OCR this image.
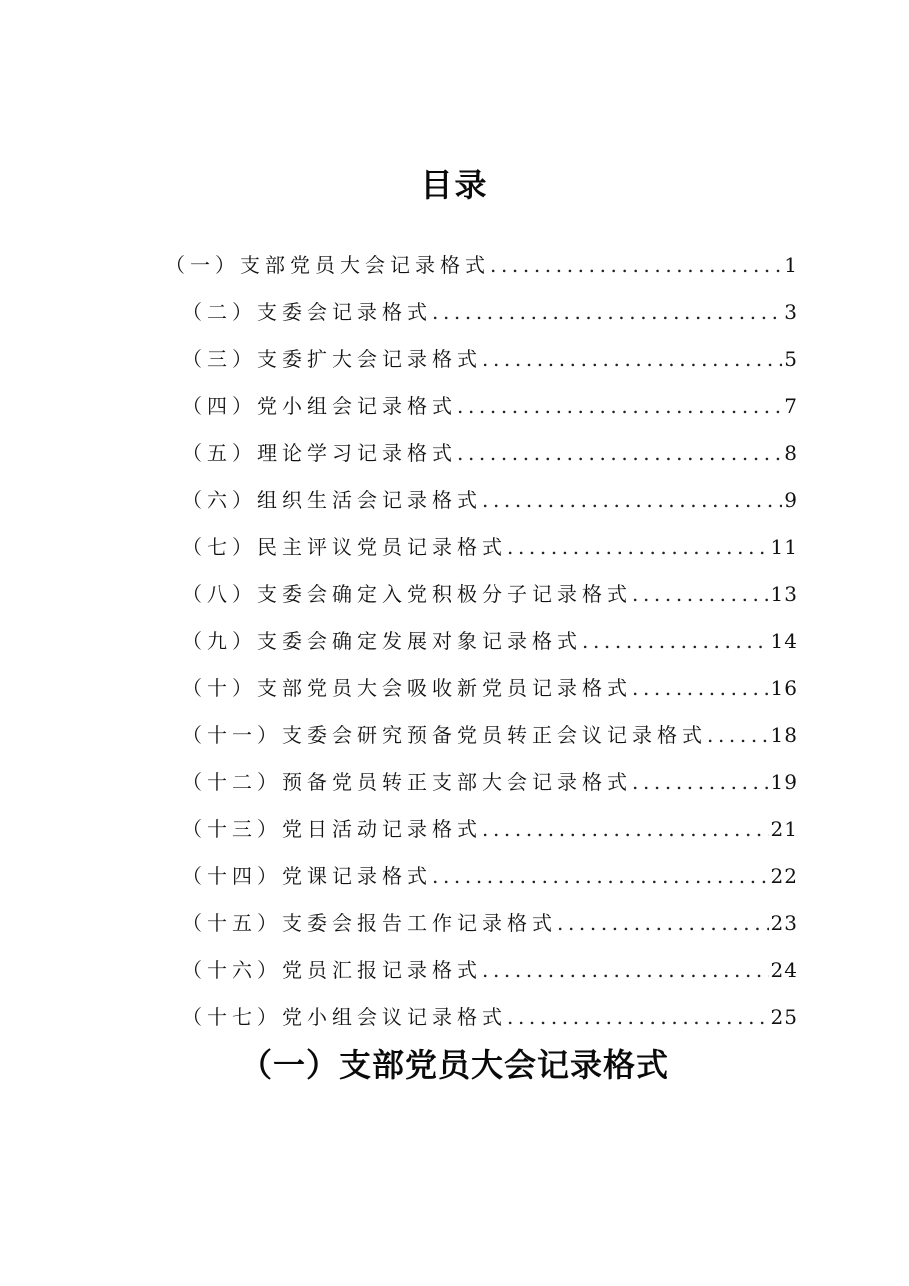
目录
（一）支部党员大会记录格式 .....	1
（二）支委会记录格式 .....	3
（三）支委扩大会记录格式 .....	5
（四）党小组会记录格式 .....	7
（五）理论学习记录格式 .....	8
（六）组织生活会记录格式 .....	9
（七）民主评议党员记录格式 .....	11
（八）支委会确定入党积极分子记录格式 .....	13
（九）支委会确定发展对象记录格式 .....	14
（十）支部党员大会吸收新党员记录格式 .....	16
（十一）支委会研究预备党员转正会议记录格式 .....	18
（十二）预备党员转正支部大会记录格式 .....	19
（十三）党日活动记录格式 .....	21
（十四）党课记录格式 .....	22
（十五）支委会报告工作记录格式 .....	23
（十六）党员汇报记录格式 .....	24
（十七）党小组会议记录格式 .....	25
（一）支部党员大会记录格式
